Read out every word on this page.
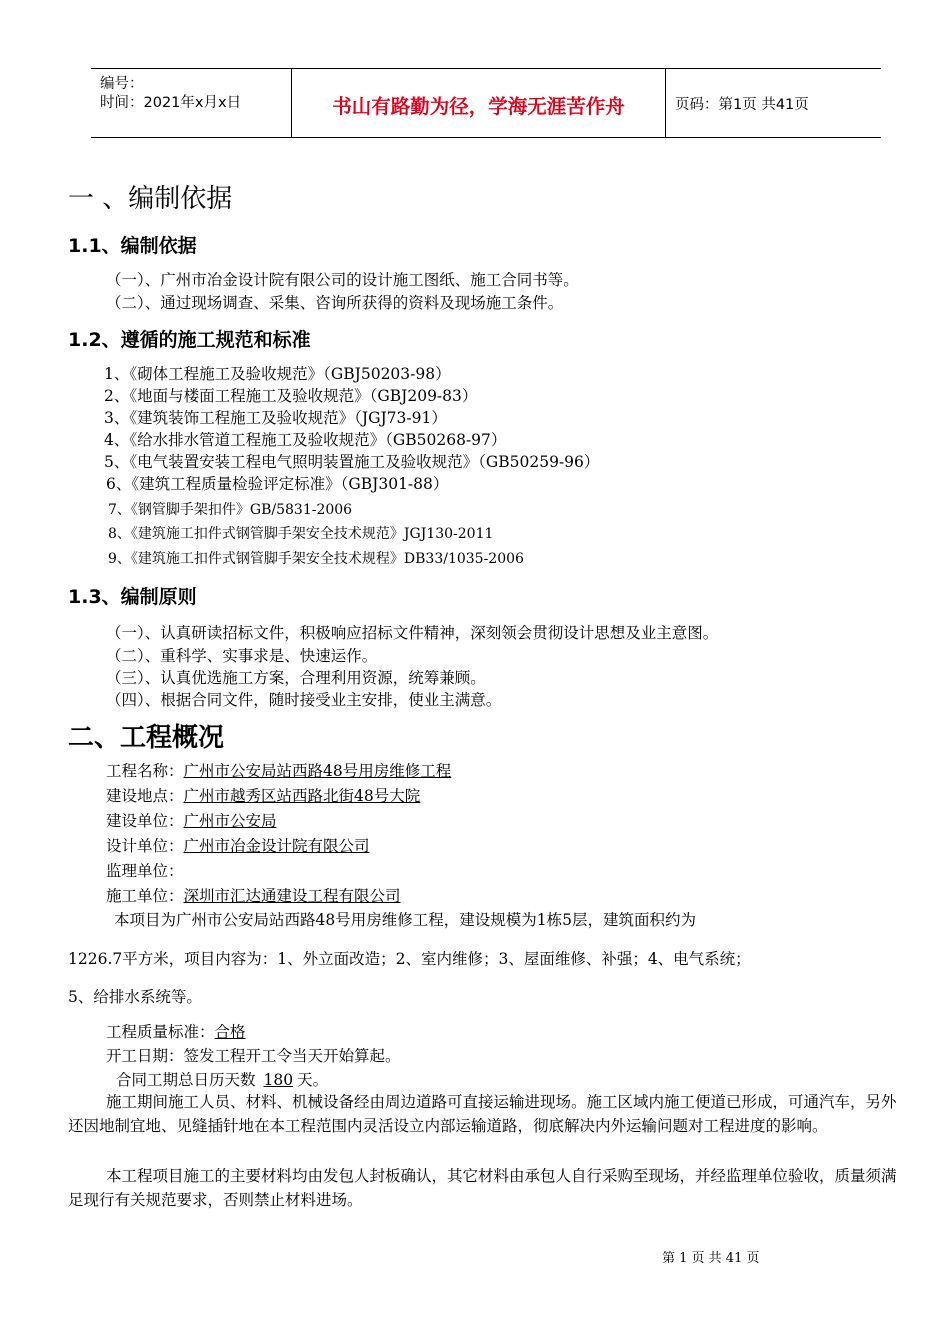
编号：
时间：2021年x月x日	书山有路勤为径，学海无涯苦作舟	页码：第1页 共41页
一 、编制依据
1.1、编制依据
（一）、广州市冶金设计院有限公司的设计施工图纸、施工合同书等。
（二）、通过现场调查、采集、咨询所获得的资料及现场施工条件。
1.2、遵循的施工规范和标准
1、《砌体工程施工及验收规范》（GBJ50203-98）
2、《地面与楼面工程施工及验收规范》（GBJ209-83）
3、《建筑装饰工程施工及验收规范》（JGJ73-91）
4、《给水排水管道工程施工及验收规范》（GB50268-97）
5、《电气装置安装工程电气照明装置施工及验收规范》（GB50259-96）
6、《建筑工程质量检验评定标准》（GBJ301-88）
7、《钢管脚手架扣件》GB/5831-2006
8、《建筑施工扣件式钢管脚手架安全技术规范》JGJ130-2011
9、《建筑施工扣件式钢管脚手架安全技术规程》DB33/1035-2006
1.3、编制原则
（一）、认真研读招标文件，积极响应招标文件精神，深刻领会贯彻设计思想及业主意图。
（二）、重科学、实事求是、快速运作。
（三）、认真优选施工方案，合理利用资源，统筹兼顾。
（四）、根据合同文件，随时接受业主安排，使业主满意。
二、工程概况
工程名称：广州市公安局站西路48号用房维修工程
建设地点：广州市越秀区站西路北街48号大院
建设单位：广州市公安局
设计单位：广州市冶金设计院有限公司
监理单位：
施工单位：深圳市汇达通建设工程有限公司
本项目为广州市公安局站西路48号用房维修工程，建设规模为1栋5层，建筑面积约为
1226.7平方米，项目内容为：1、外立面改造；2、室内维修；3、屋面维修、补强；4、电气系统；
5、给排水系统等。
工程质量标准：合格
开工日期：签发工程开工令当天开始算起。
合同工期总日历天数 180 天。
施工期间施工人员、材料、机械设备经由周边道路可直接运输进现场。施工区域内施工便道已形成，可通汽车，另外还因地制宜地、见缝插针地在本工程范围内灵活设立内部运输道路，彻底解决内外运输问题对工程进度的影响。
本工程项目施工的主要材料均由发包人封板确认，其它材料由承包人自行采购至现场，并经监理单位验收，质量须满足现行有关规范要求，否则禁止材料进场。
第 1 页 共 41 页
